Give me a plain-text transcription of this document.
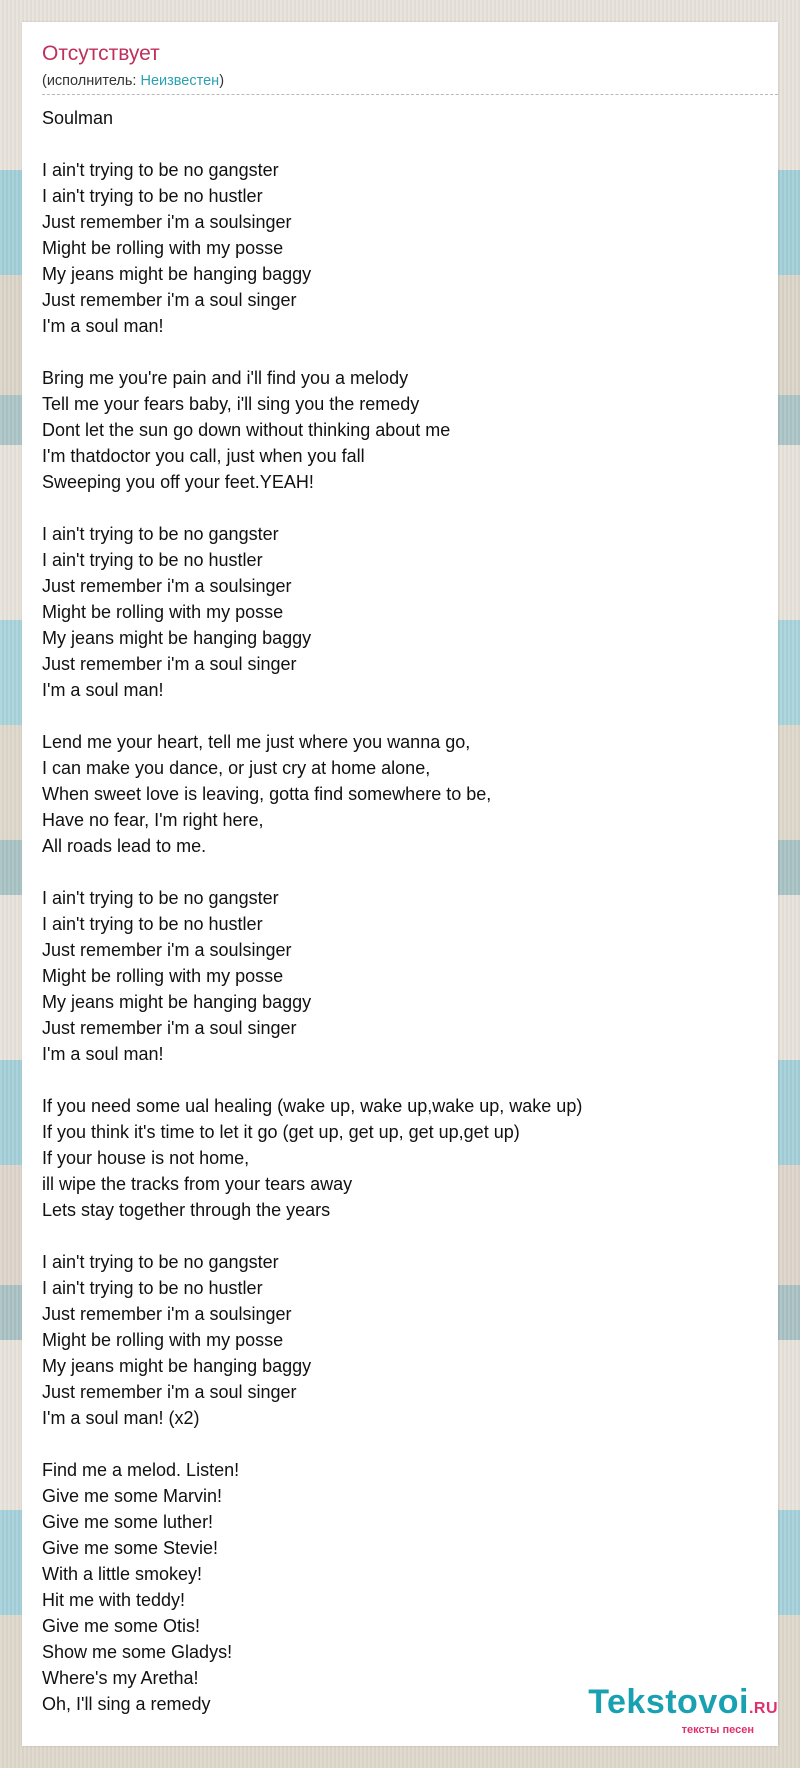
Отсутствует
(исполнитель: Неизвестен)
Soulman
I ain't trying to be no gangster
I ain't trying to be no hustler
Just remember i'm a soulsinger
Might be rolling with my posse
My jeans might be hanging baggy
Just remember i'm a soul singer
I'm a soul man!
Bring me you're pain and i'll find you a melody
Tell me your fears baby, i'll sing you the remedy
Dont let the sun go down without thinking about me
I'm thatdoctor you call, just when you fall
Sweeping you off your feet.YEAH!
I ain't trying to be no gangster
I ain't trying to be no hustler
Just remember i'm a soulsinger
Might be rolling with my posse
My jeans might be hanging baggy
Just remember i'm a soul singer
I'm a soul man!
Lend me your heart, tell me just where you wanna go,
I can make you dance, or just cry at home alone,
When sweet love is leaving, gotta find somewhere to be,
Have no fear, I'm right here,
All roads lead to me.
I ain't trying to be no gangster
I ain't trying to be no hustler
Just remember i'm a soulsinger
Might be rolling with my posse
My jeans might be hanging baggy
Just remember i'm a soul singer
I'm a soul man!
If you need some ual healing (wake up, wake up,wake up, wake up)
If you think it's time to let it go (get up, get up, get up,get up)
If your house is not home,
ill wipe the tracks from your tears away
Lets stay together through the years
I ain't trying to be no gangster
I ain't trying to be no hustler
Just remember i'm a soulsinger
Might be rolling with my posse
My jeans might be hanging baggy
Just remember i'm a soul singer
I'm a soul man! (x2)
Find me a melod. Listen!
Give me some Marvin!
Give me some luther!
Give me some Stevie!
With a little smokey!
Hit me with teddy!
Give me some Otis!
Show me some Gladys!
Where's my Aretha!
Oh, I'll sing a remedy	Tekstovoi.RU
тексты песен
